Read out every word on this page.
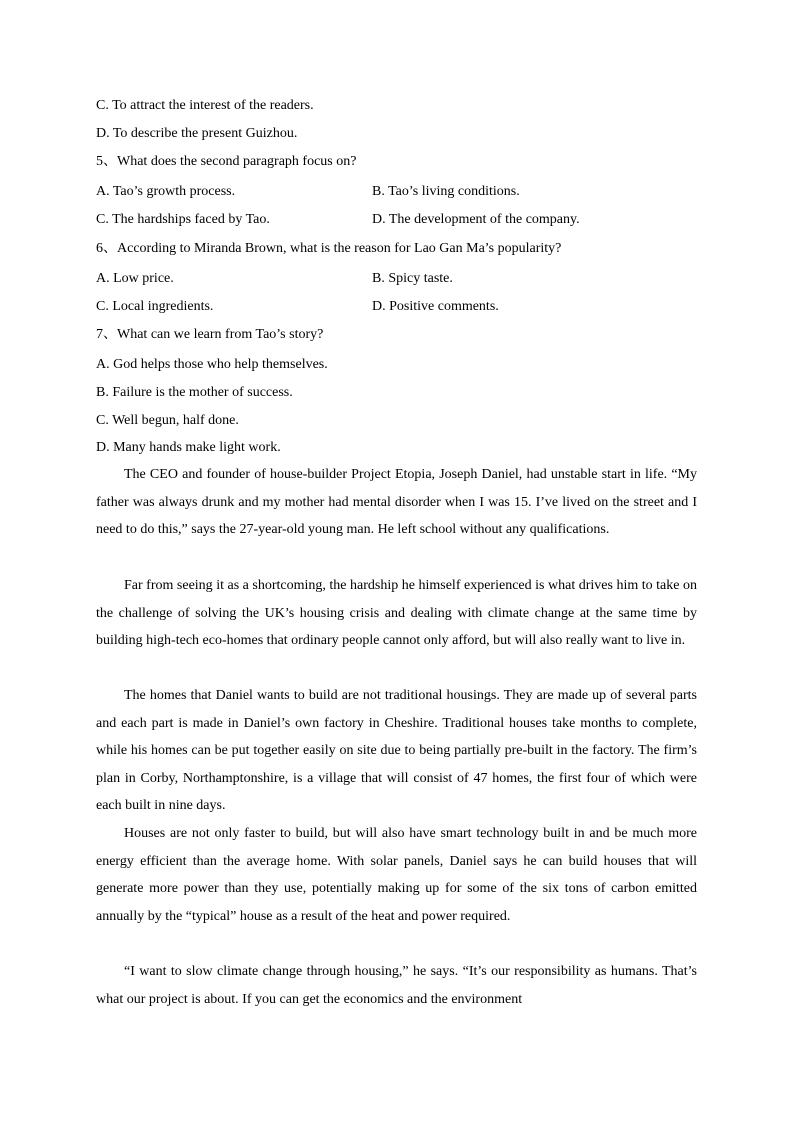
C. To attract the interest of the readers.
D. To describe the present Guizhou.
5、What does the second paragraph focus on?
A. Tao’s growth process.	B. Tao’s living conditions.
C. The hardships faced by Tao.	D. The development of the company.
6、According to Miranda Brown, what is the reason for Lao Gan Ma’s popularity?
A. Low price.	B. Spicy taste.
C. Local ingredients.	D. Positive comments.
7、What can we learn from Tao’s story?
A. God helps those who help themselves.
B. Failure is the mother of success.
C. Well begun, half done.
D. Many hands make light work.
The CEO and founder of house-builder Project Etopia, Joseph Daniel, had unstable start in life. “My father was always drunk and my mother had mental disorder when I was 15. I’ve lived on the street and I need to do this,” says the 27-year-old young man. He left school without any qualifications.
Far from seeing it as a shortcoming, the hardship he himself experienced is what drives him to take on the challenge of solving the UK’s housing crisis and dealing with climate change at the same time by building high-tech eco-homes that ordinary people cannot only afford, but will also really want to live in.
The homes that Daniel wants to build are not traditional housings. They are made up of several parts and each part is made in Daniel’s own factory in Cheshire. Traditional houses take months to complete, while his homes can be put together easily on site due to being partially pre-built in the factory. The firm’s plan in Corby, Northamptonshire, is a village that will consist of 47 homes, the first four of which were each built in nine days.
Houses are not only faster to build, but will also have smart technology built in and be much more energy efficient than the average home. With solar panels, Daniel says he can build houses that will generate more power than they use, potentially making up for some of the six tons of carbon emitted annually by the “typical” house as a result of the heat and power required.
“I want to slow climate change through housing,” he says. “It’s our responsibility as humans. That’s what our project is about. If you can get the economics and the environment
